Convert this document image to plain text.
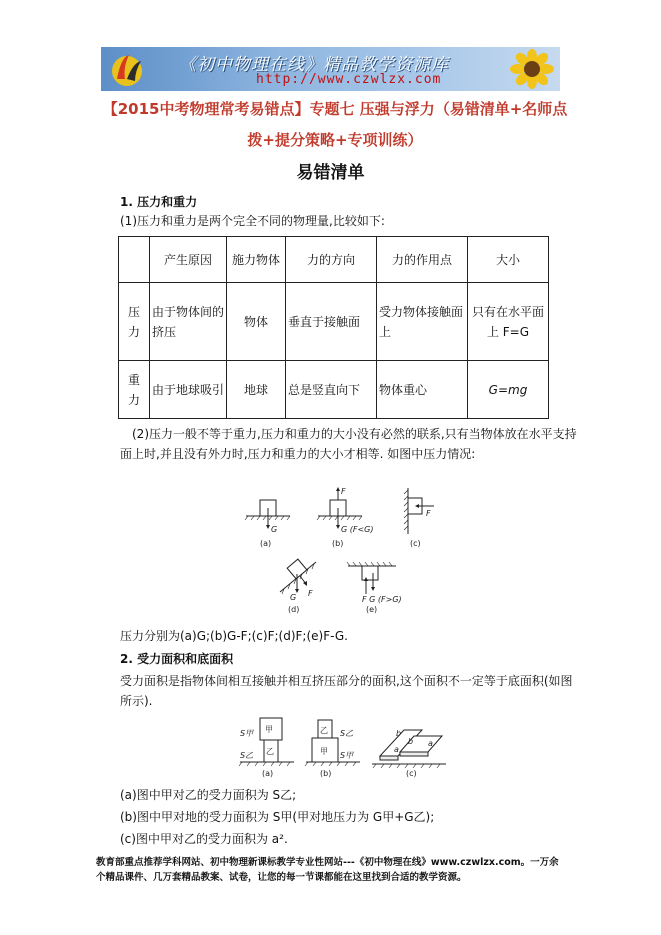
《初中物理在线》精品教学资源库
http://www.czwlzx.com
【2015中考物理常考易错点】专题七 压强与浮力（易错清单+名师点拨+提分策略+专项训练）
易错清单
1. 压力和重力
(1)压力和重力是两个完全不同的物理量,比较如下:
	产生原因	施力物体	力的方向	力的作用点	大小
压
力	由于物体间的挤压	物体	垂直于接触面	受力物体接触面上	只有在水平面上 F=G
重
力	由于地球吸引	地球	总是竖直向下	物体重心	G=mg
(2)压力一般不等于重力,压力和重力的大小没有必然的联系,只有当物体放在水平支持
面上时,并且没有外力时,压力和重力的大小才相等. 如图中压力情况:
G
(a)
F
G (F<G)
(b)
F
(c)
G F
(d)
F G (F>G)
(e)
压力分别为(a)G;(b)G-F;(c)F;(d)F;(e)F-G.
2. 受力面积和底面积
受力面积是指物体间相互接触并相互挤压部分的面积,这个面积不一定等于底面积(如图
所示).
甲
乙
S甲
S乙
(a)
乙
甲
S乙
S甲
(b)
b
b
a
a
(c)
(a)图中甲对乙的受力面积为 S乙;
(b)图中甲对地的受力面积为 S甲(甲对地压力为 G甲+G乙);
(c)图中甲对乙的受力面积为 a².
教育部重点推荐学科网站、初中物理新课标教学专业性网站---《初中物理在线》www.czwlzx.com。一万余
个精品课件、几万套精品教案、试卷，让您的每一节课都能在这里找到合适的教学资源。
